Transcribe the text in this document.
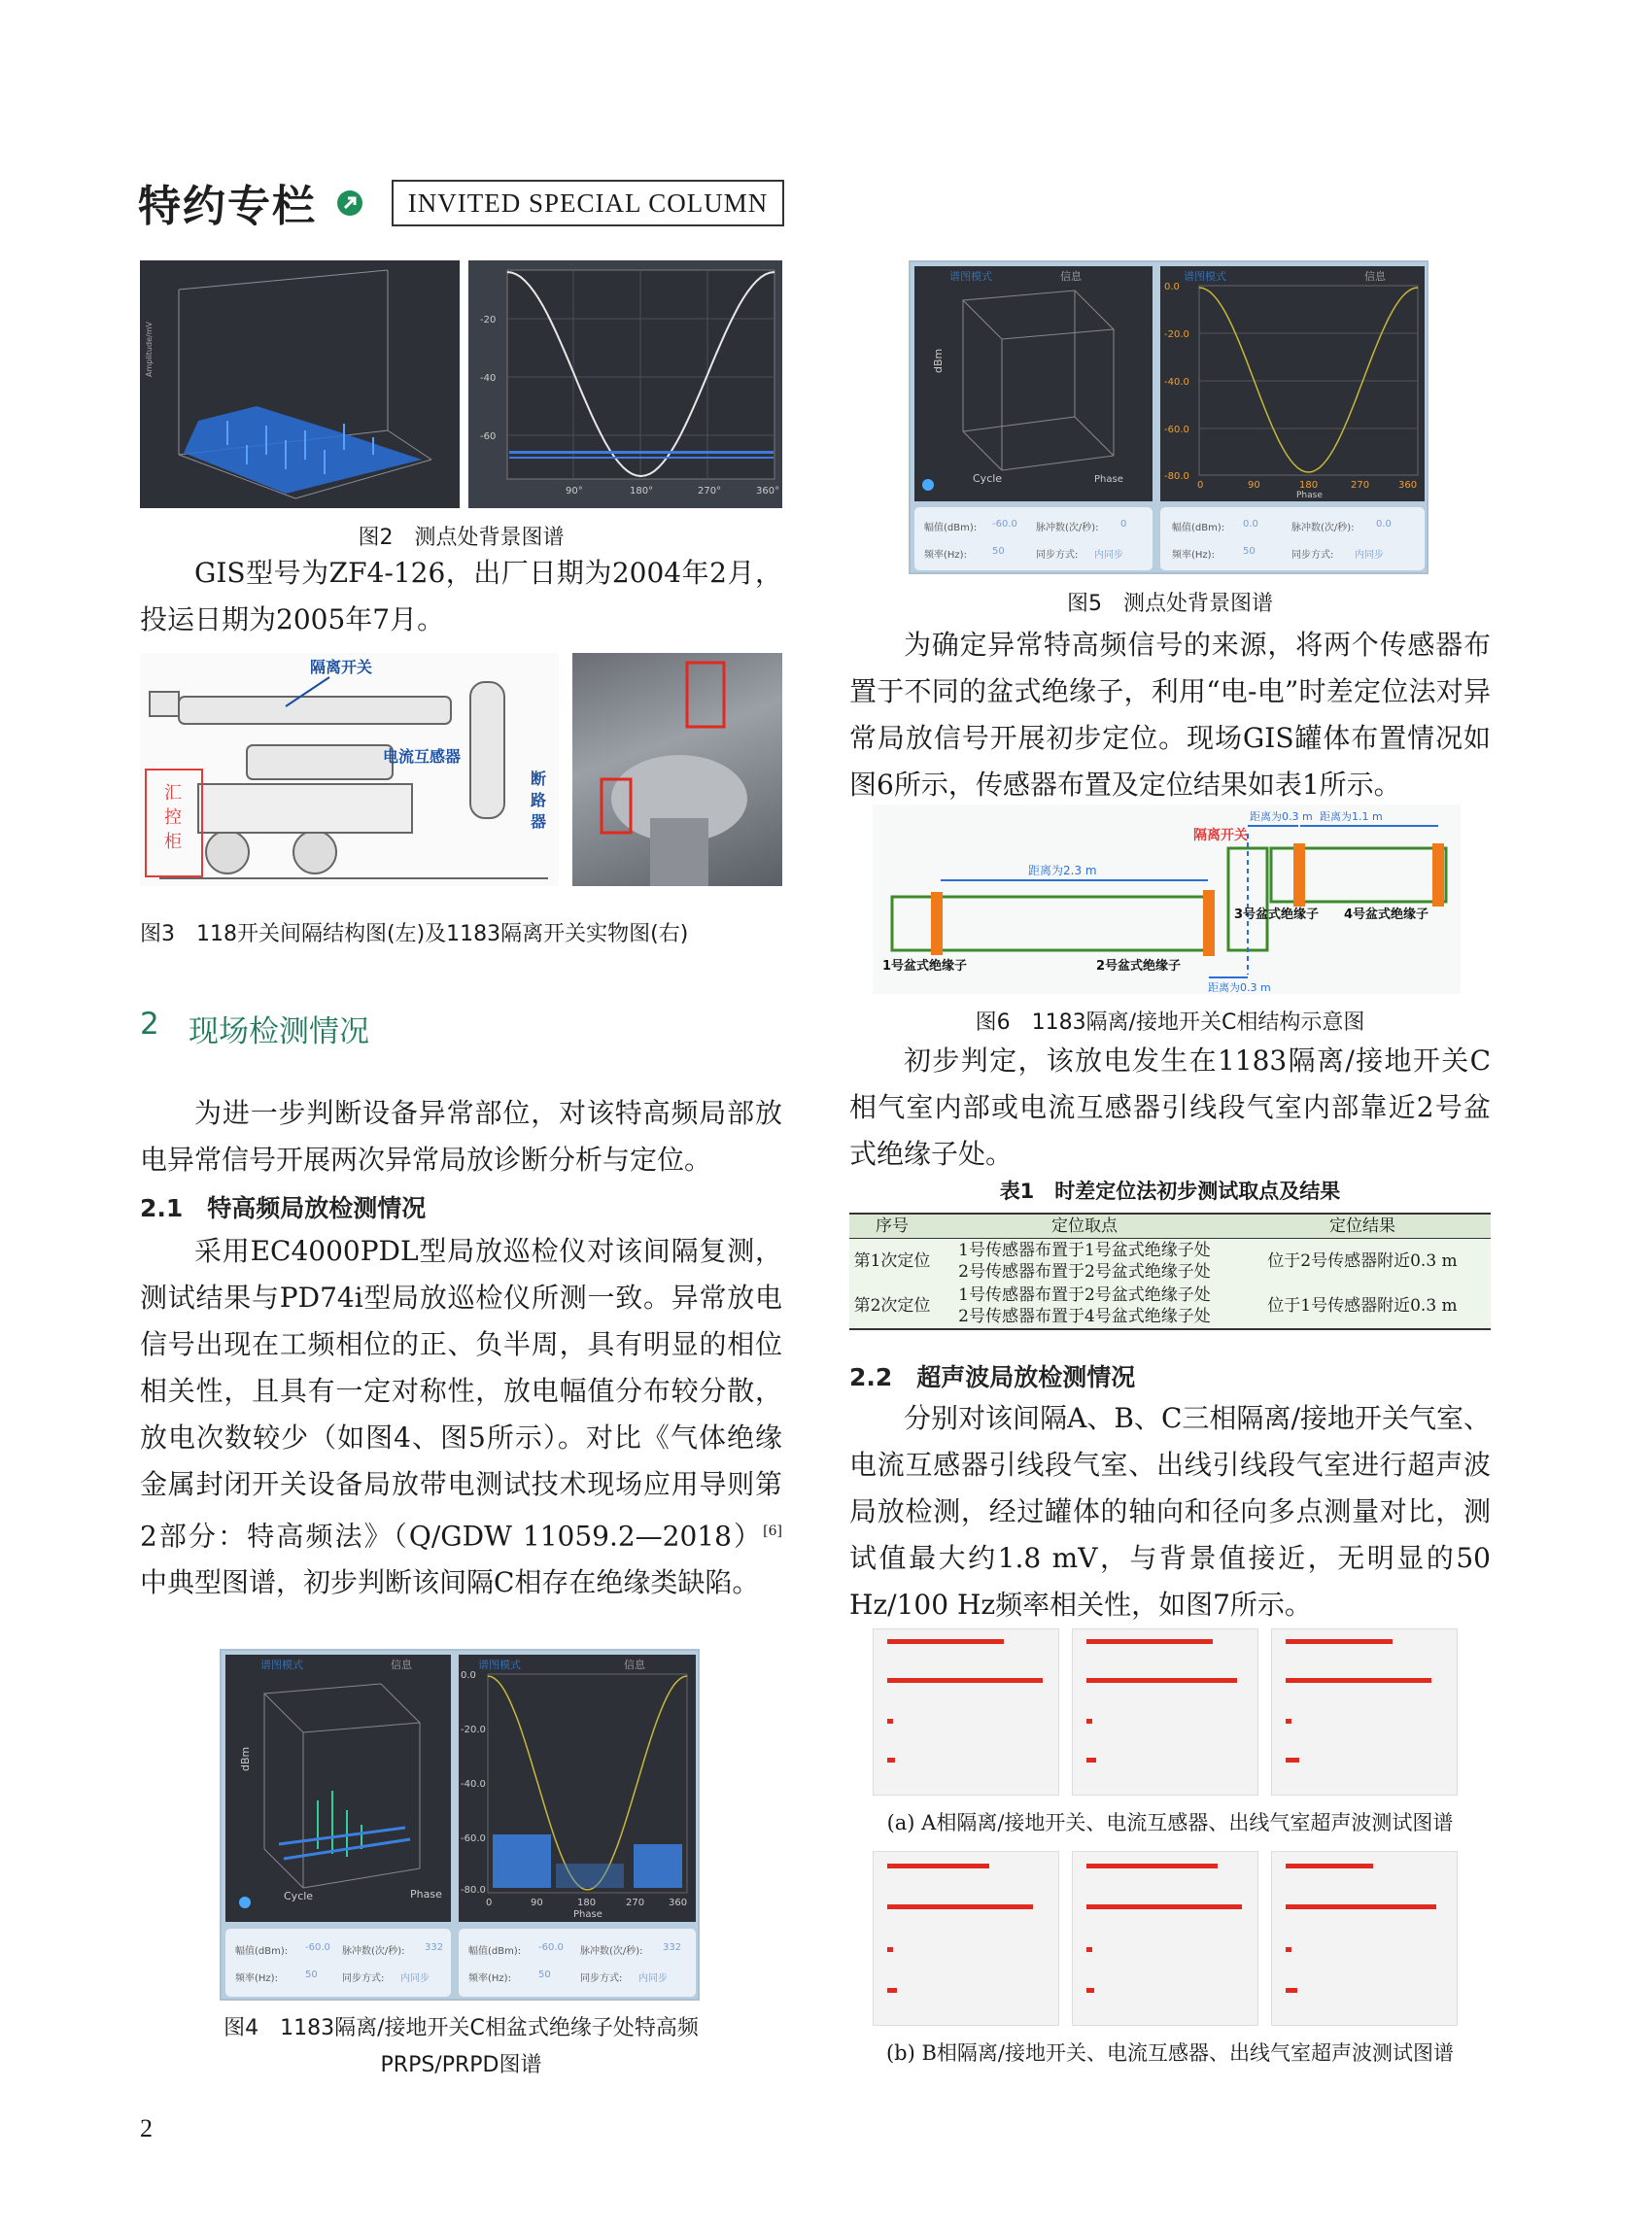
特约专栏	INVITED SPECIAL COLUMN
Amplitude/mV
-20
-40
-60
90°	180°	270°	360°
图2　测点处背景图谱
GIS型号为ZF4-126，出厂日期为2004年2月，投运日期为2005年7月。
汇
控
柜
隔离开关
电流互感器
断
路
器
图3　118开关间隔结构图(左)及1183隔离开关实物图(右)
2 现场检测情况
为进一步判断设备异常部位，对该特高频局部放电异常信号开展两次异常局放诊断分析与定位。
2.1　特高频局放检测情况
采用EC4000PDL型局放巡检仪对该间隔复测，测试结果与PD74i型局放巡检仪所测一致。异常放电信号出现在工频相位的正、负半周，具有明显的相位相关性，且具有一定对称性，放电幅值分布较分散，放电次数较少（如图4、图5所示）。对比《气体绝缘金属封闭开关设备局放带电测试技术现场应用导则第2部分：特高频法》（Q/GDW 11059.2—2018）[6]中典型图谱，初步判断该间隔C相存在绝缘类缺陷。
谱图模式	信息
Cycle	Phase
dBm
谱图模式	信息
0.0
-20.0
-40.0
-60.0
-80.0
0	90	180	270 360
Phase
幅值(dBm): -60.0 脉冲数(次/秒): 332
频率(Hz):	50	同步方式: 内同步
幅值(dBm): -60.0 脉冲数(次/秒): 332
频率(Hz):	50	同步方式: 内同步
图4　1183隔离/接地开关C相盆式绝缘子处特高频
PRPS/PRPD图谱
2
谱图模式	信息
Cycle	Phase
dBm
谱图模式	信息
0.0
-20.0
-40.0
-60.0
-80.0
0	90	180	270	360
Phase
幅值(dBm): -60.0 脉冲数(次/秒): 0
频率(Hz):	50	同步方式: 内同步
幅值(dBm): 0.0	脉冲数(次/秒): 0.0
频率(Hz):	50	同步方式: 内同步
图5　测点处背景图谱
为确定异常特高频信号的来源，将两个传感器布置于不同的盆式绝缘子，利用“电-电”时差定位法对异常局放信号开展初步定位。现场GIS罐体布置情况如图6所示，传感器布置及定位结果如表1所示。
隔离开关
距离为2.3 m
距离为0.3 m 距离为1.1 m
距离为0.3 m
1号盆式绝缘子	2号盆式绝缘子
3号盆式绝缘子 4号盆式绝缘子
图6　1183隔离/接地开关C相结构示意图
初步判定，该放电发生在1183隔离/接地开关C相气室内部或电流互感器引线段气室内部靠近2号盆式绝缘子处。
表1　时差定位法初步测试取点及结果
序号	定位取点	定位结果
第1次定位	1号传感器布置于1号盆式绝缘子处
2号传感器布置于2号盆式绝缘子处	位于2号传感器附近0.3 m
第2次定位	1号传感器布置于2号盆式绝缘子处
2号传感器布置于4号盆式绝缘子处	位于1号传感器附近0.3 m
2.2　超声波局放检测情况
分别对该间隔A、B、C三相隔离/接地开关气室、电流互感器引线段气室、出线引线段气室进行超声波局放检测，经过罐体的轴向和径向多点测量对比，测试值最大约1.8 mV，与背景值接近，无明显的50 Hz/100 Hz频率相关性，如图7所示。
(a) A相隔离/接地开关、电流互感器、出线气室超声波测试图谱
(b) B相隔离/接地开关、电流互感器、出线气室超声波测试图谱
